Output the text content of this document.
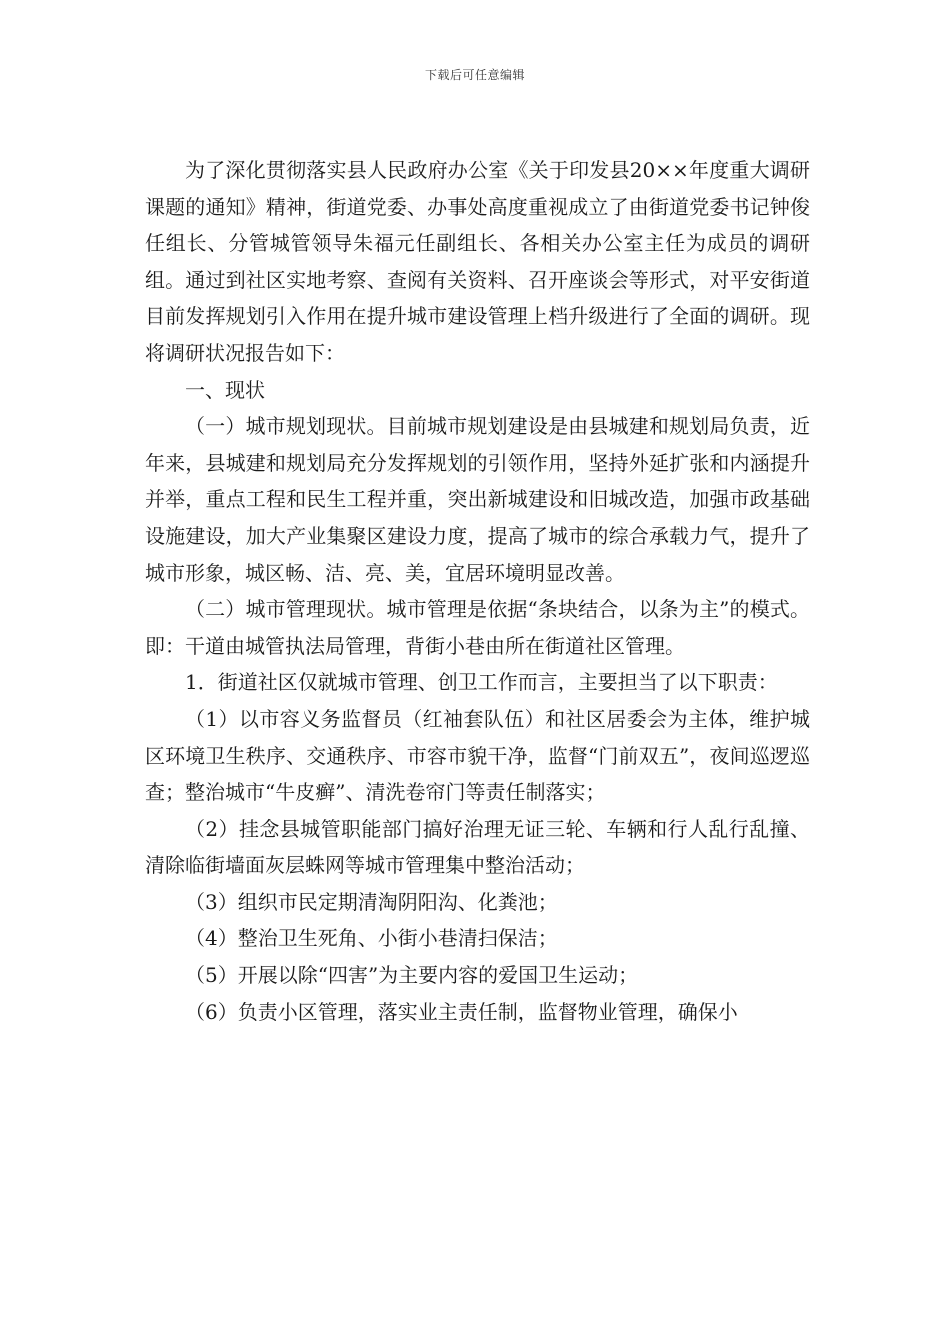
下载后可任意编辑

为了深化贯彻落实县人民政府办公室《关于印发县20××年度重大调研课题的通知》精神，街道党委、办事处高度重视成立了由街道党委书记钟俊任组长、分管城管领导朱福元任副组长、各相关办公室主任为成员的调研组。通过到社区实地考察、查阅有关资料、召开座谈会等形式，对平安街道目前发挥规划引入作用在提升城市建设管理上档升级进行了全面的调研。现将调研状况报告如下：

一、现状

（一）城市规划现状。目前城市规划建设是由县城建和规划局负责，近年来，县城建和规划局充分发挥规划的引领作用，坚持外延扩张和内涵提升并举，重点工程和民生工程并重，突出新城建设和旧城改造，加强市政基础设施建设，加大产业集聚区建设力度，提高了城市的综合承载力气，提升了城市形象，城区畅、洁、亮、美，宜居环境明显改善。

（二）城市管理现状。城市管理是依据“条块结合，以条为主”的模式。即：干道由城管执法局管理，背街小巷由所在街道社区管理。

1．街道社区仅就城市管理、创卫工作而言，主要担当了以下职责：

（1）以市容义务监督员（红袖套队伍）和社区居委会为主体，维护城区环境卫生秩序、交通秩序、市容市貌干净，监督“门前双五”，夜间巡逻巡查；整治城市“牛皮癣”、清洗卷帘门等责任制落实；

（2）挂念县城管职能部门搞好治理无证三轮、车辆和行人乱行乱撞、清除临街墙面灰层蛛网等城市管理集中整治活动；

（3）组织市民定期清淘阴阳沟、化粪池；

（4）整治卫生死角、小街小巷清扫保洁；

（5）开展以除“四害”为主要内容的爱国卫生运动；

（6）负责小区管理，落实业主责任制，监督物业管理，确保小
